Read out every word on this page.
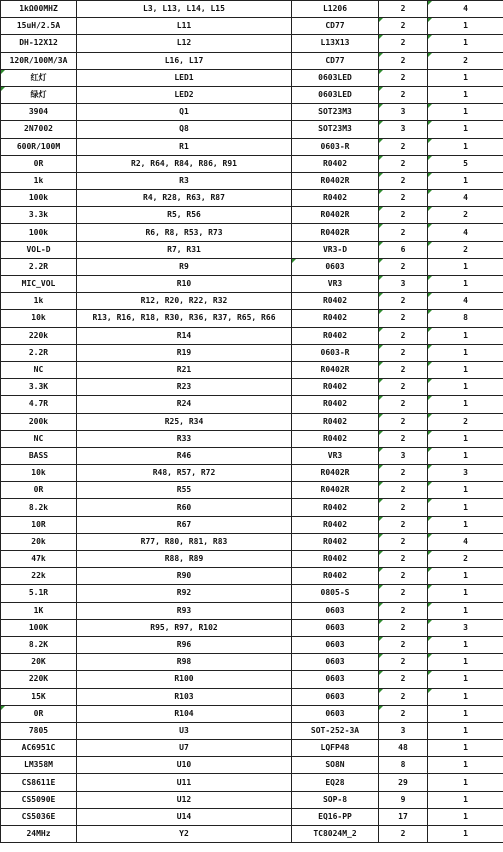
1kΩ00MHZ	L3, L13, L14, L15	L1206	2	4
15uH/2.5A	L11	CD77	2	1
DH-12X12	L12	L13X13	2	1
120R/100M/3A	L16, L17	CD77	2	2
红灯	LED1	0603LED	2	1
绿灯	LED2	0603LED	2	1
3904	Q1	SOT23M3	3	1
2N7002	Q8	SOT23M3	3	1
600R/100M	R1	0603-R	2	1
0R	R2, R64, R84, R86, R91	R0402	2	5
1k	R3	R0402R	2	1
100k	R4, R28, R63, R87	R0402	2	4
3.3k	R5, R56	R0402R	2	2
100k	R6, R8, R53, R73	R0402R	2	4
VOL-D	R7, R31	VR3-D	6	2
2.2R	R9	0603	2	1
MIC_VOL	R10	VR3	3	1
1k	R12, R20, R22, R32	R0402	2	4
10k	R13, R16, R18, R30, R36, R37, R65, R66	R0402	2	8
220k	R14	R0402	2	1
2.2R	R19	0603-R	2	1
NC	R21	R0402R	2	1
3.3K	R23	R0402	2	1
4.7R	R24	R0402	2	1
200k	R25, R34	R0402	2	2
NC	R33	R0402	2	1
BASS	R46	VR3	3	1
10k	R48, R57, R72	R0402R	2	3
0R	R55	R0402R	2	1
8.2k	R60	R0402	2	1
10R	R67	R0402	2	1
20k	R77, R80, R81, R83	R0402	2	4
47k	R88, R89	R0402	2	2
22k	R90	R0402	2	1
5.1R	R92	0805-S	2	1
1K	R93	0603	2	1
100K	R95, R97, R102	0603	2	3
8.2K	R96	0603	2	1
20K	R98	0603	2	1
220K	R100	0603	2	1
15K	R103	0603	2	1
0R	R104	0603	2	1
7805	U3	SOT-252-3A	3	1
AC6951C	U7	LQFP48	48	1
LM358M	U10	SO8N	8	1
CS8611E	U11	EQ28	29	1
CS5090E	U12	SOP-8	9	1
CS5036E	U14	EQ16-PP	17	1
24MHz	Y2	TC8024M_2	2	1
